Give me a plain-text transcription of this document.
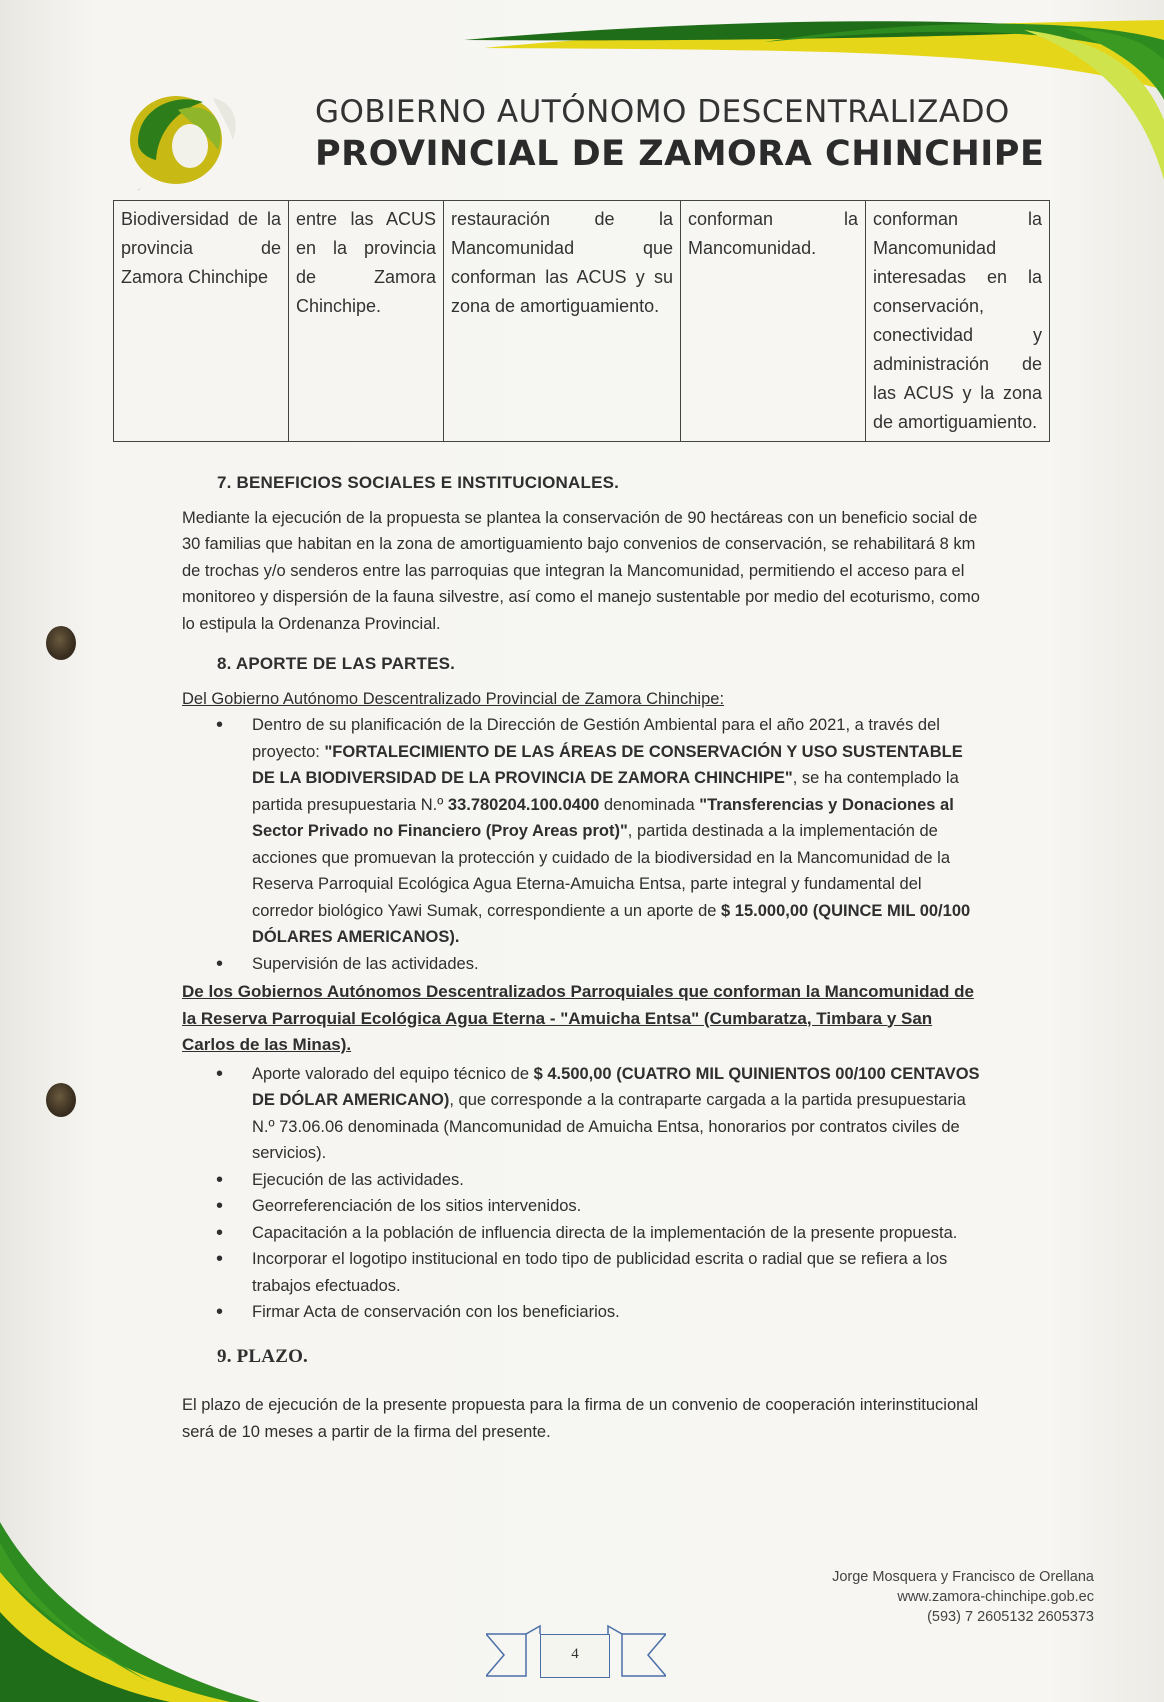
.
GOBIERNO AUTÓNOMO DESCENTRALIZADO
PROVINCIAL DE ZAMORA CHINCHIPE
Biodiversidad de la provincia de Zamora Chinchipe	entre las ACUS en la provincia de Zamora Chinchipe.	restauración de la Mancomunidad que conforman las ACUS y su zona de amortiguamiento.	conforman la Mancomunidad.	conforman la Mancomunidad interesadas en la conservación, conectividad y administración de las ACUS y la zona de amortiguamiento.
7. BENEFICIOS SOCIALES E INSTITUCIONALES.

Mediante la ejecución de la propuesta se plantea la conservación de 90 hectáreas con un beneficio social de 30 familias que habitan en la zona de amortiguamiento bajo convenios de conservación, se rehabilitará 8 km de trochas y/o senderos entre las parroquias que integran la Mancomunidad, permitiendo el acceso para el monitoreo y dispersión de la fauna silvestre, así como el manejo sustentable por medio del ecoturismo, como lo estipula la Ordenanza Provincial.

8. APORTE DE LAS PARTES.
Del Gobierno Autónomo Descentralizado Provincial de Zamora Chinchipe:
• Dentro de su planificación de la Dirección de Gestión Ambiental para el año 2021, a través del proyecto: "FORTALECIMIENTO DE LAS ÁREAS DE CONSERVACIÓN Y USO SUSTENTABLE DE LA BIODIVERSIDAD DE LA PROVINCIA DE ZAMORA CHINCHIPE", se ha contemplado la partida presupuestaria N.º 33.780204.100.0400 denominada "Transferencias y Donaciones al Sector Privado no Financiero (Proy Areas prot)", partida destinada a la implementación de acciones que promuevan la protección y cuidado de la biodiversidad en la Mancomunidad de la Reserva Parroquial Ecológica Agua Eterna-Amuicha Entsa, parte integral y fundamental del corredor biológico Yawi Sumak, correspondiente a un aporte de $ 15.000,00 (QUINCE MIL 00/100 DÓLARES AMERICANOS).
• Supervisión de las actividades.
De los Gobiernos Autónomos Descentralizados Parroquiales que conforman la Mancomunidad de la Reserva Parroquial Ecológica Agua Eterna - "Amuicha Entsa" (Cumbaratza, Timbara y San Carlos de las Minas).
• Aporte valorado del equipo técnico de $ 4.500,00 (CUATRO MIL QUINIENTOS 00/100 CENTAVOS DE DÓLAR AMERICANO), que corresponde a la contraparte cargada a la partida presupuestaria N.º 73.06.06 denominada (Mancomunidad de Amuicha Entsa, honorarios por contratos civiles de servicios).
• Ejecución de las actividades.
• Georreferenciación de los sitios intervenidos.
• Capacitación a la población de influencia directa de la implementación de la presente propuesta.
• Incorporar el logotipo institucional en todo tipo de publicidad escrita o radial que se refiera a los trabajos efectuados.
• Firmar Acta de conservación con los beneficiarios.
9. PLAZO.

El plazo de ejecución de la presente propuesta para la firma de un convenio de cooperación interinstitucional será de 10 meses a partir de la firma del presente.

Jorge Mosquera y Francisco de Orellana
www.zamora-chinchipe.gob.ec
(593) 7 2605132 2605373
4
